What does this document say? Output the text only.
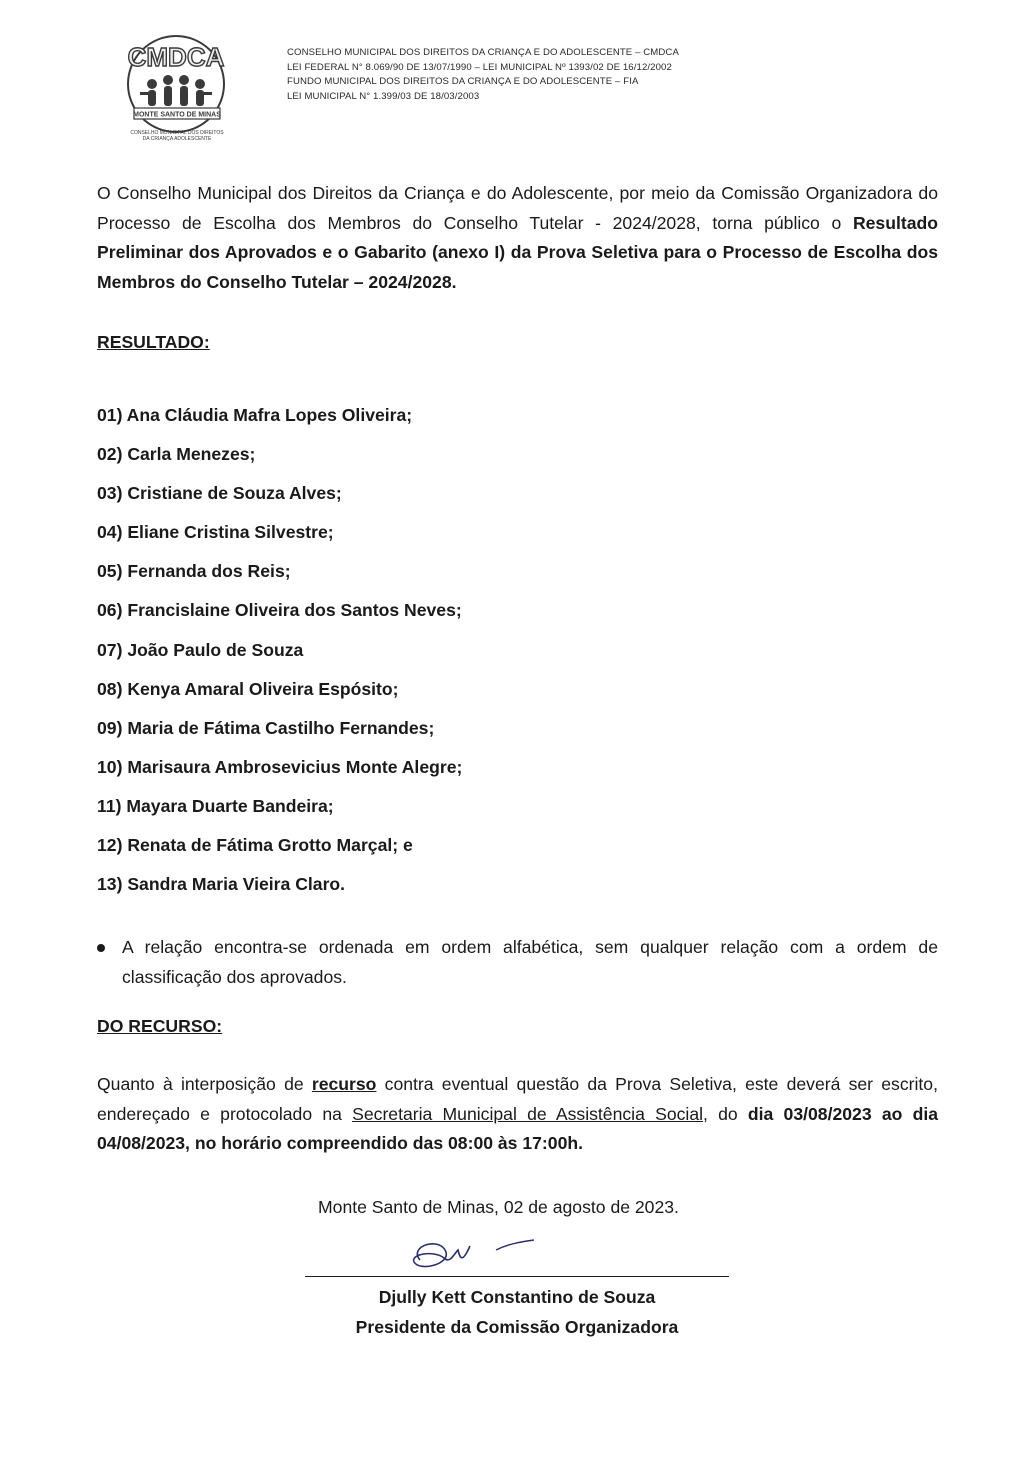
CMDCA
MONTE SANTO DE MINAS
CONSELHO MUNICIPAL DOS DIREITOS
DA CRIANÇA ADOLESCENTE
CONSELHO MUNICIPAL DOS DIREITOS DA CRIANÇA E DO ADOLESCENTE – CMDCA
LEI FEDERAL N° 8.069/90 DE 13/07/1990 – LEI MUNICIPAL Nº 1393/02 DE 16/12/2002
FUNDO MUNICIPAL DOS DIREITOS DA CRIANÇA E DO ADOLESCENTE – FIA
LEI MUNICIPAL N° 1.399/03 DE 18/03/2003
O Conselho Municipal dos Direitos da Criança e do Adolescente, por meio da Comissão Organizadora do Processo de Escolha dos Membros do Conselho Tutelar - 2024/2028, torna público o Resultado Preliminar dos Aprovados e o Gabarito (anexo I) da Prova Seletiva para o Processo de Escolha dos Membros do Conselho Tutelar – 2024/2028.
RESULTADO:
01) Ana Cláudia Mafra Lopes Oliveira;
02) Carla Menezes;
03) Cristiane de Souza Alves;
04) Eliane Cristina Silvestre;
05) Fernanda dos Reis;
06) Francislaine Oliveira dos Santos Neves;
07) João Paulo de Souza
08) Kenya Amaral Oliveira Espósito;
09) Maria de Fátima Castilho Fernandes;
10) Marisaura Ambrosevicius Monte Alegre;
11) Mayara Duarte Bandeira;
12) Renata de Fátima Grotto Marçal; e
13) Sandra Maria Vieira Claro.
A relação encontra-se ordenada em ordem alfabética, sem qualquer relação com a ordem de classificação dos aprovados.
DO RECURSO:
Quanto à interposição de recurso contra eventual questão da Prova Seletiva, este deverá ser escrito, endereçado e protocolado na Secretaria Municipal de Assistência Social, do dia 03/08/2023 ao dia 04/08/2023, no horário compreendido das 08:00 às 17:00h.
Monte Santo de Minas, 02 de agosto de 2023.
Djully Kett Constantino de Souza
Presidente da Comissão Organizadora
